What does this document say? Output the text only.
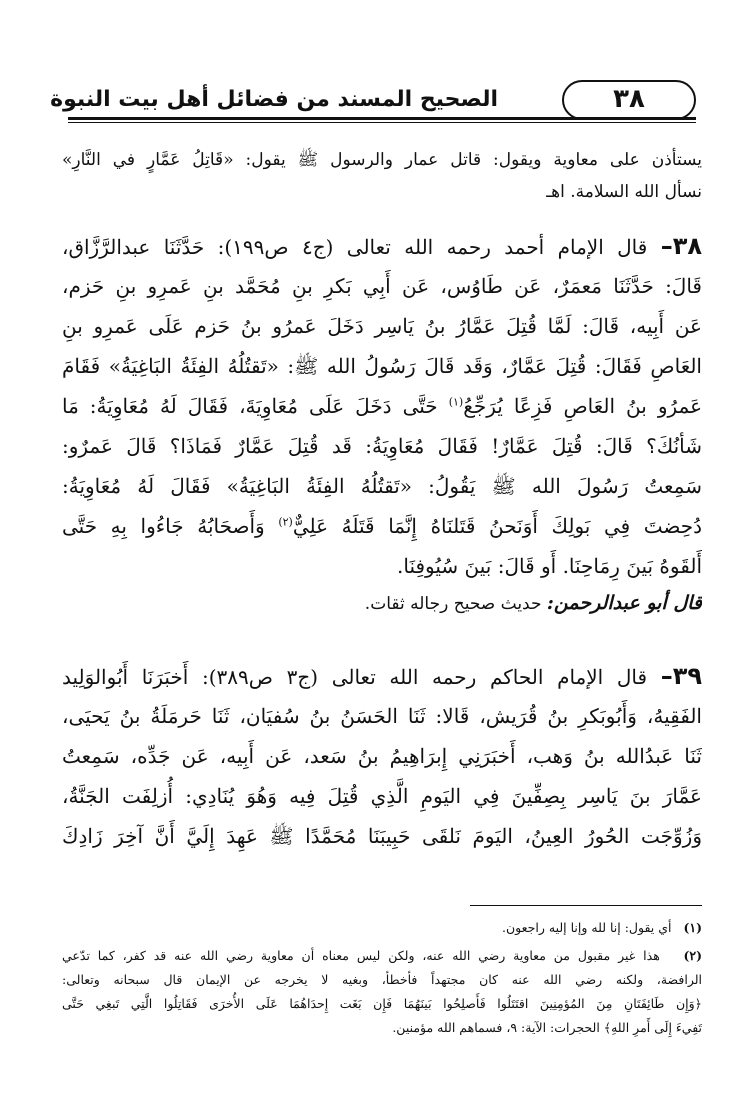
الصحيح المسند من فضائل أهل بيت النبوة	٣٨
يستأذن على معاوية ويقول: قاتل عمار والرسول ﷺ يقول: «قَاتِلُ عَمَّارٍ في النَّارِ»
نسأل الله السلامة. اهـ
٣٨– قال الإمام أحمد رحمه الله تعالى (ج٤ ص١٩٩): حَدَّثَنَا عبدالرَّزَّاق،
قَالَ: حَدَّثَنَا مَعمَرٌ، عَن طَاوُس، عَن أَبِي بَكرِ بنِ مُحَمَّد بنِ عَمرِو بنِ حَزم،
عَن أَبِيه، قَالَ: لَمَّا قُتِلَ عَمَّارُ بنُ يَاسِر دَخَلَ عَمرُو بنُ حَزم عَلَى عَمرِو بنِ
العَاصِ فَقَالَ: قُتِلَ عَمَّارٌ، وَقَد قَالَ رَسُولُ الله ﷺ: «تَقتُلُهُ الفِئَةُ البَاغِيَةُ» فَقَامَ
عَمرُو بنُ العَاصِ فَزِعًا يُرَجِّعُ$^{(١)}$ حَتَّى دَخَلَ عَلَى مُعَاوِيَةَ، فَقَالَ لَهُ مُعَاوِيَةُ: مَا
شَأنُكَ؟ قَالَ: قُتِلَ عَمَّارٌ! فَقَالَ مُعَاوِيَةُ: قَد قُتِلَ عَمَّارٌ فَمَاذَا؟ قَالَ عَمرٌو:
سَمِعتُ رَسُولَ الله ﷺ يَقُولُ: «تَقتُلُهُ الفِئَةُ البَاغِيَةُ» فَقَالَ لَهُ مُعَاوِيَةُ:
دُحِضتَ فِي بَولِكَ أَوَنَحنُ قَتَلنَاهُ إِنَّمَا قَتَلَهُ عَلِيٌّ$^{(٢)}$ وَأَصحَابُهُ جَاءُوا بِهِ حَتَّى
أَلقَوهُ بَينَ رِمَاحِنَا. أَو قَالَ: بَينَ سُيُوفِنَا.
قال أبو عبدالرحمن: حديث صحيح رجاله ثقات.
٣٩– قال الإمام الحاكم رحمه الله تعالى (ج٣ ص٣٨٩): أَخبَرَنَا أَبُوالوَلِيد
الفَقِيهُ، وَأَبُوبَكرِ بنُ قُرَيش، قَالا: ثَنَا الحَسَنُ بنُ سُفيَان، ثَنَا حَرمَلَةُ بنُ يَحيَى،
ثَنَا عَبدُالله بنُ وَهب، أَخبَرَنِي إِبرَاهِيمُ بنُ سَعد، عَن أَبِيه، عَن جَدِّه، سَمِعتُ
عَمَّارَ بنَ يَاسِر بِصِفِّينَ فِي اليَومِ الَّذِي قُتِلَ فِيه وَهُوَ يُنَادِي: أُزلِفَت الجَنَّةُ،
وَزُوِّجَت الحُورُ العِينُ، اليَومَ نَلقَى حَبِيبَنَا مُحَمَّدًا ﷺ عَهِدَ إِلَيَّ أَنَّ آخِرَ زَادِكَ
(١)   أي يقول: إنا لله وإنا إليه راجعون.
(٢)   هذا غير مقبول من معاوية رضي الله عنه، ولكن ليس معناه أن معاوية رضي الله عنه قد كفر، كما تدّعي
الرافضة، ولكنه رضي الله عنه كان مجتهداً فأخطأ، وبغيه لا يخرجه عن الإيمان قال سبحانه وتعالى:
﴿وَإِن طَائِفَتَانِ مِنَ المُؤمِنِينَ اقتَتَلُوا فَأَصلِحُوا بَينَهُمَا فَإِن بَغَت إِحدَاهُمَا عَلَى الأُخرَى فَقَاتِلُوا الَّتِي تَبغِي حَتَّى
تَفِيءَ إِلَى أَمرِ اللهِ﴾ الحجرات: الآية: ٩، فسماهم الله مؤمنين.
